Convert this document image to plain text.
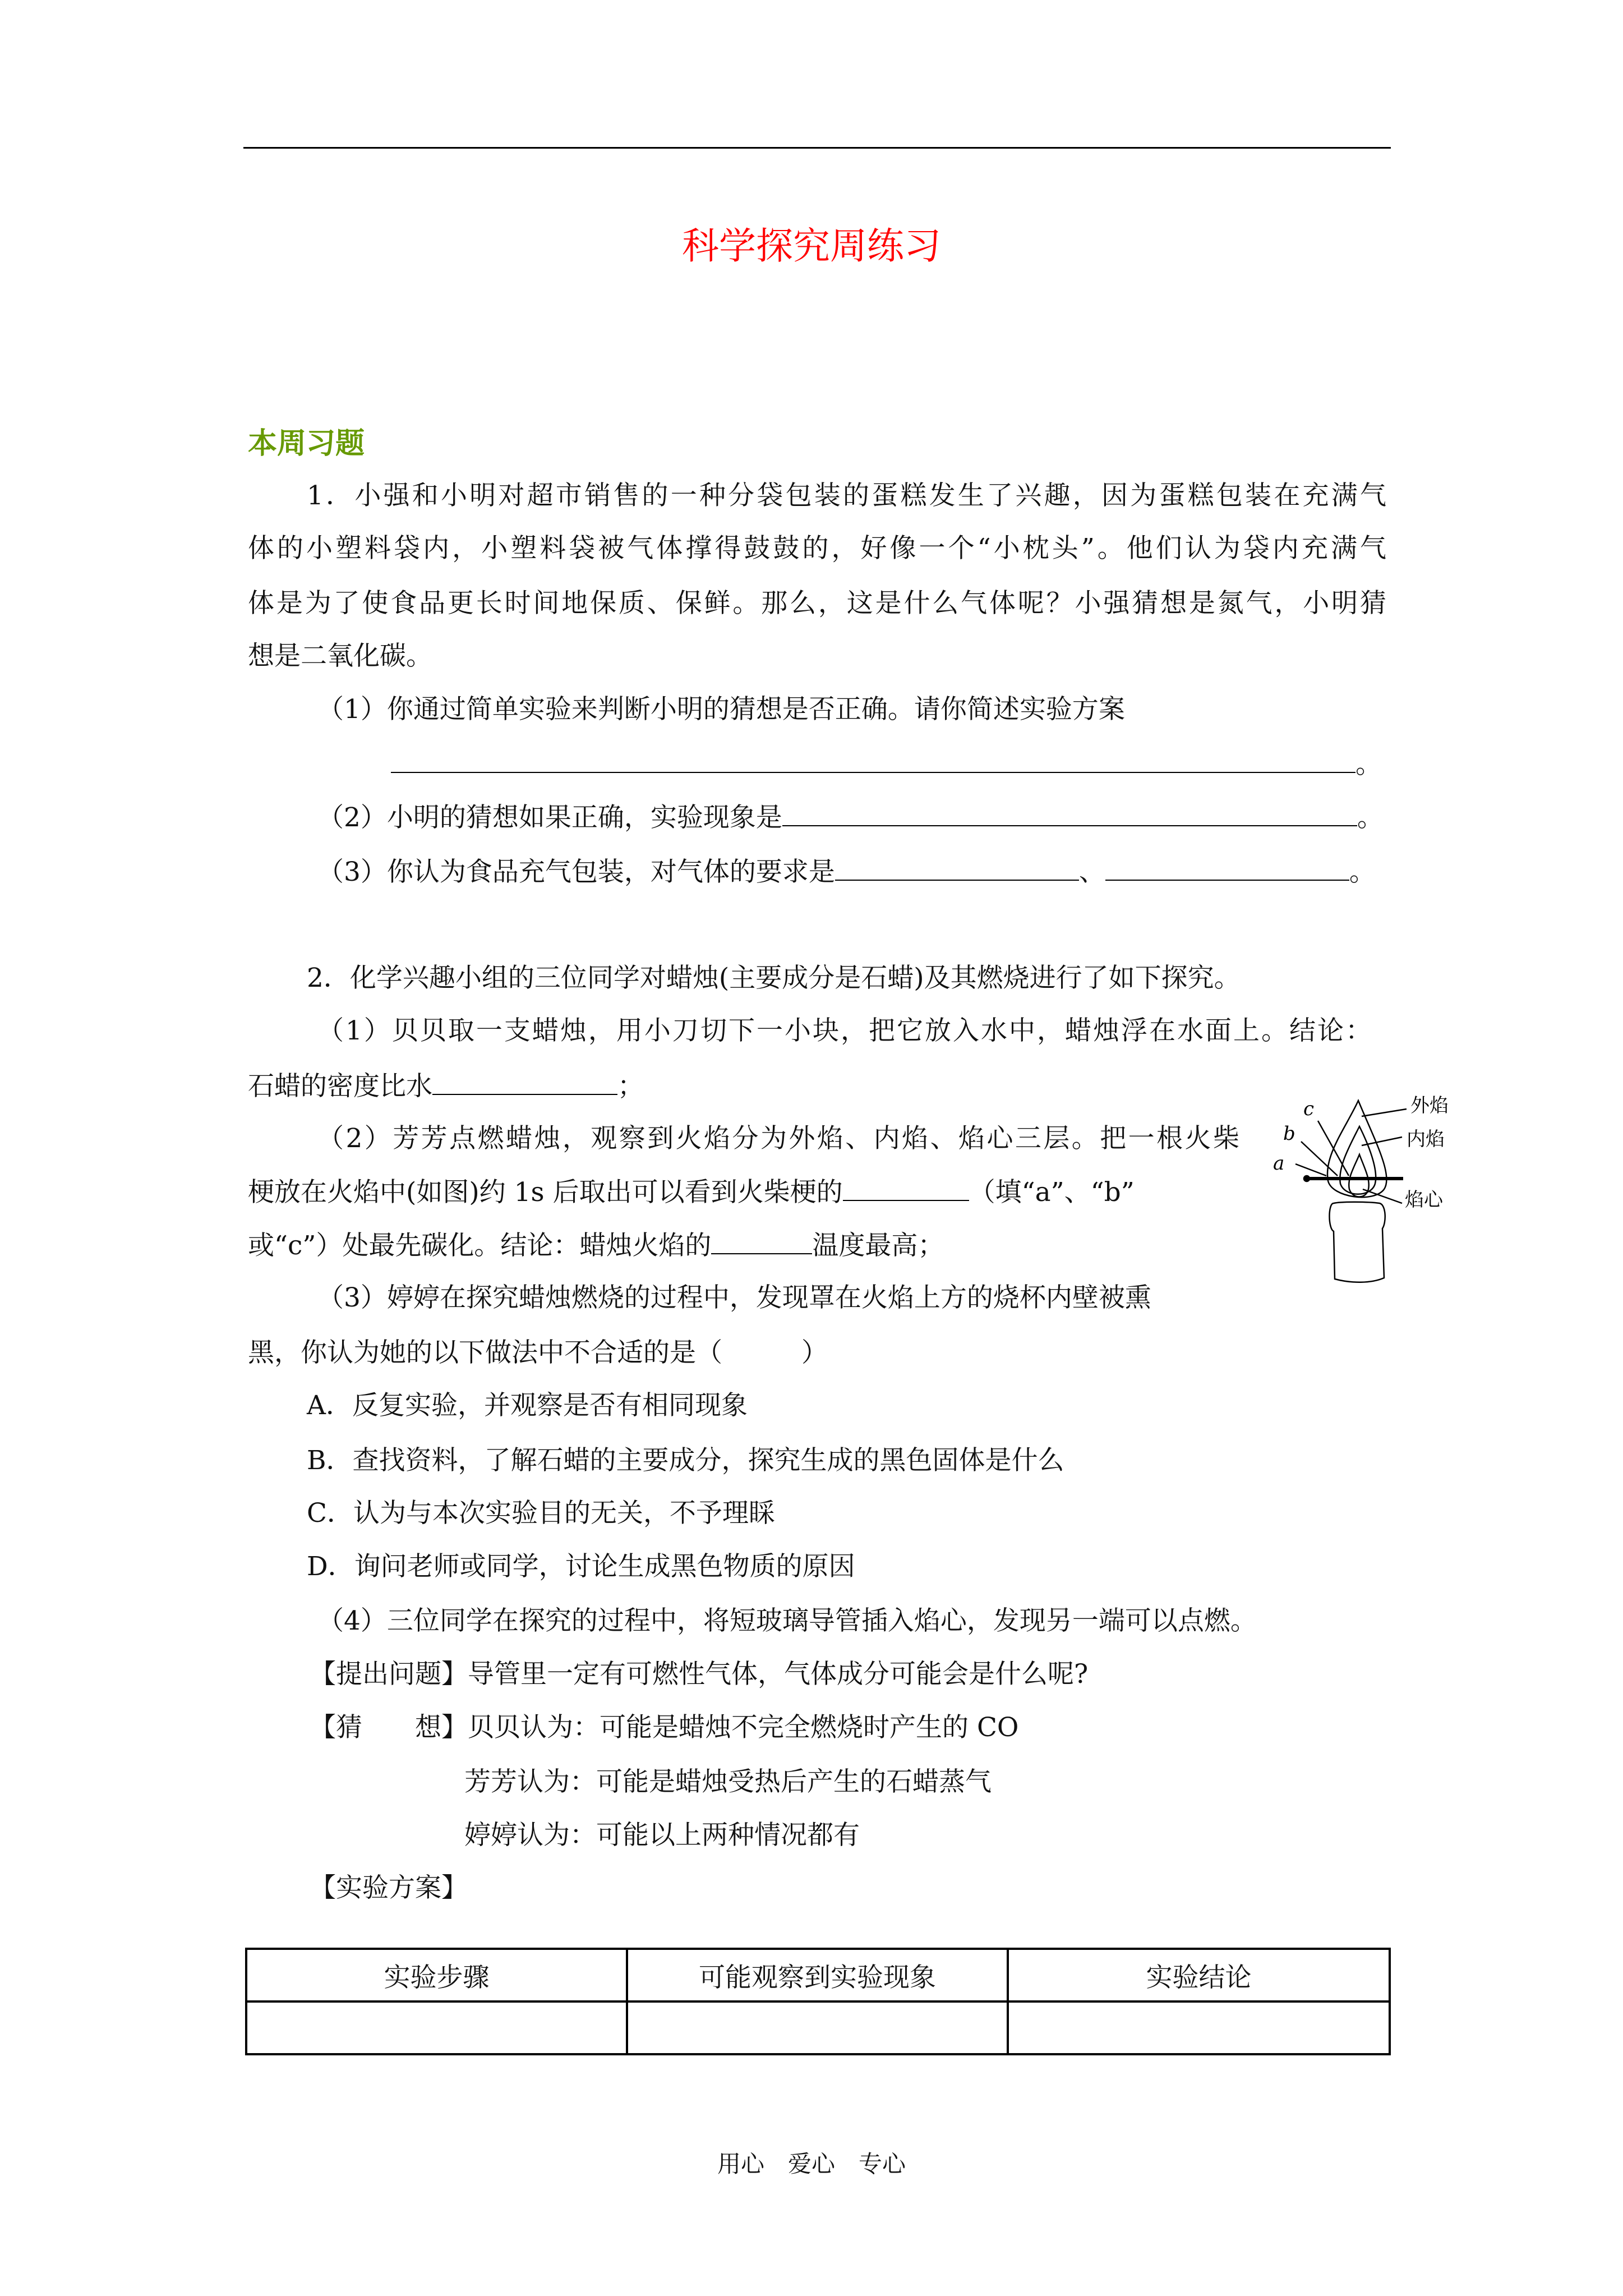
科学探究周练习
本周习题
1．小强和小明对超市销售的一种分袋包装的蛋糕发生了兴趣，因为蛋糕包装在充满气
体的小塑料袋内，小塑料袋被气体撑得鼓鼓的，好像一个“小枕头”。他们认为袋内充满气
体是为了使食品更长时间地保质、保鲜。那么，这是什么气体呢？小强猜想是氮气，小明猜
想是二氧化碳。
（1）你通过简单实验来判断小明的猜想是否正确。请你简述实验方案
。
（2）小明的猜想如果正确，实验现象是	。
（3）你认为食品充气包装，对气体的要求是	、	。
2．化学兴趣小组的三位同学对蜡烛(主要成分是石蜡)及其燃烧进行了如下探究。
（1）贝贝取一支蜡烛，用小刀切下一小块，把它放入水中，蜡烛浮在水面上。结论：
石蜡的密度比水	；
（2）芳芳点燃蜡烛，观察到火焰分为外焰、内焰、焰心三层。把一根火柴
梗放在火焰中(如图)约 1s 后取出可以看到火柴梗的	（填“a”、“b”
或“c”）处最先碳化。结论：蜡烛火焰的	温度最高；
（3）婷婷在探究蜡烛燃烧的过程中，发现罩在火焰上方的烧杯内壁被熏
黑，你认为她的以下做法中不合适的是（　　　）
A．反复实验，并观察是否有相同现象
B．查找资料，了解石蜡的主要成分，探究生成的黑色固体是什么
C．认为与本次实验目的无关，不予理睬
D．询问老师或同学，讨论生成黑色物质的原因
（4）三位同学在探究的过程中，将短玻璃导管插入焰心，发现另一端可以点燃。
【提出问题】导管里一定有可燃性气体，气体成分可能会是什么呢?
【猜　　想】贝贝认为：可能是蜡烛不完全燃烧时产生的 CO
芳芳认为：可能是蜡烛受热后产生的石蜡蒸气
婷婷认为：可能以上两种情况都有
【实验方案】
实验步骤	可能观察到实验现象	实验结论

外焰
内焰
焰心
a
b
c
用心　爱心　专心
